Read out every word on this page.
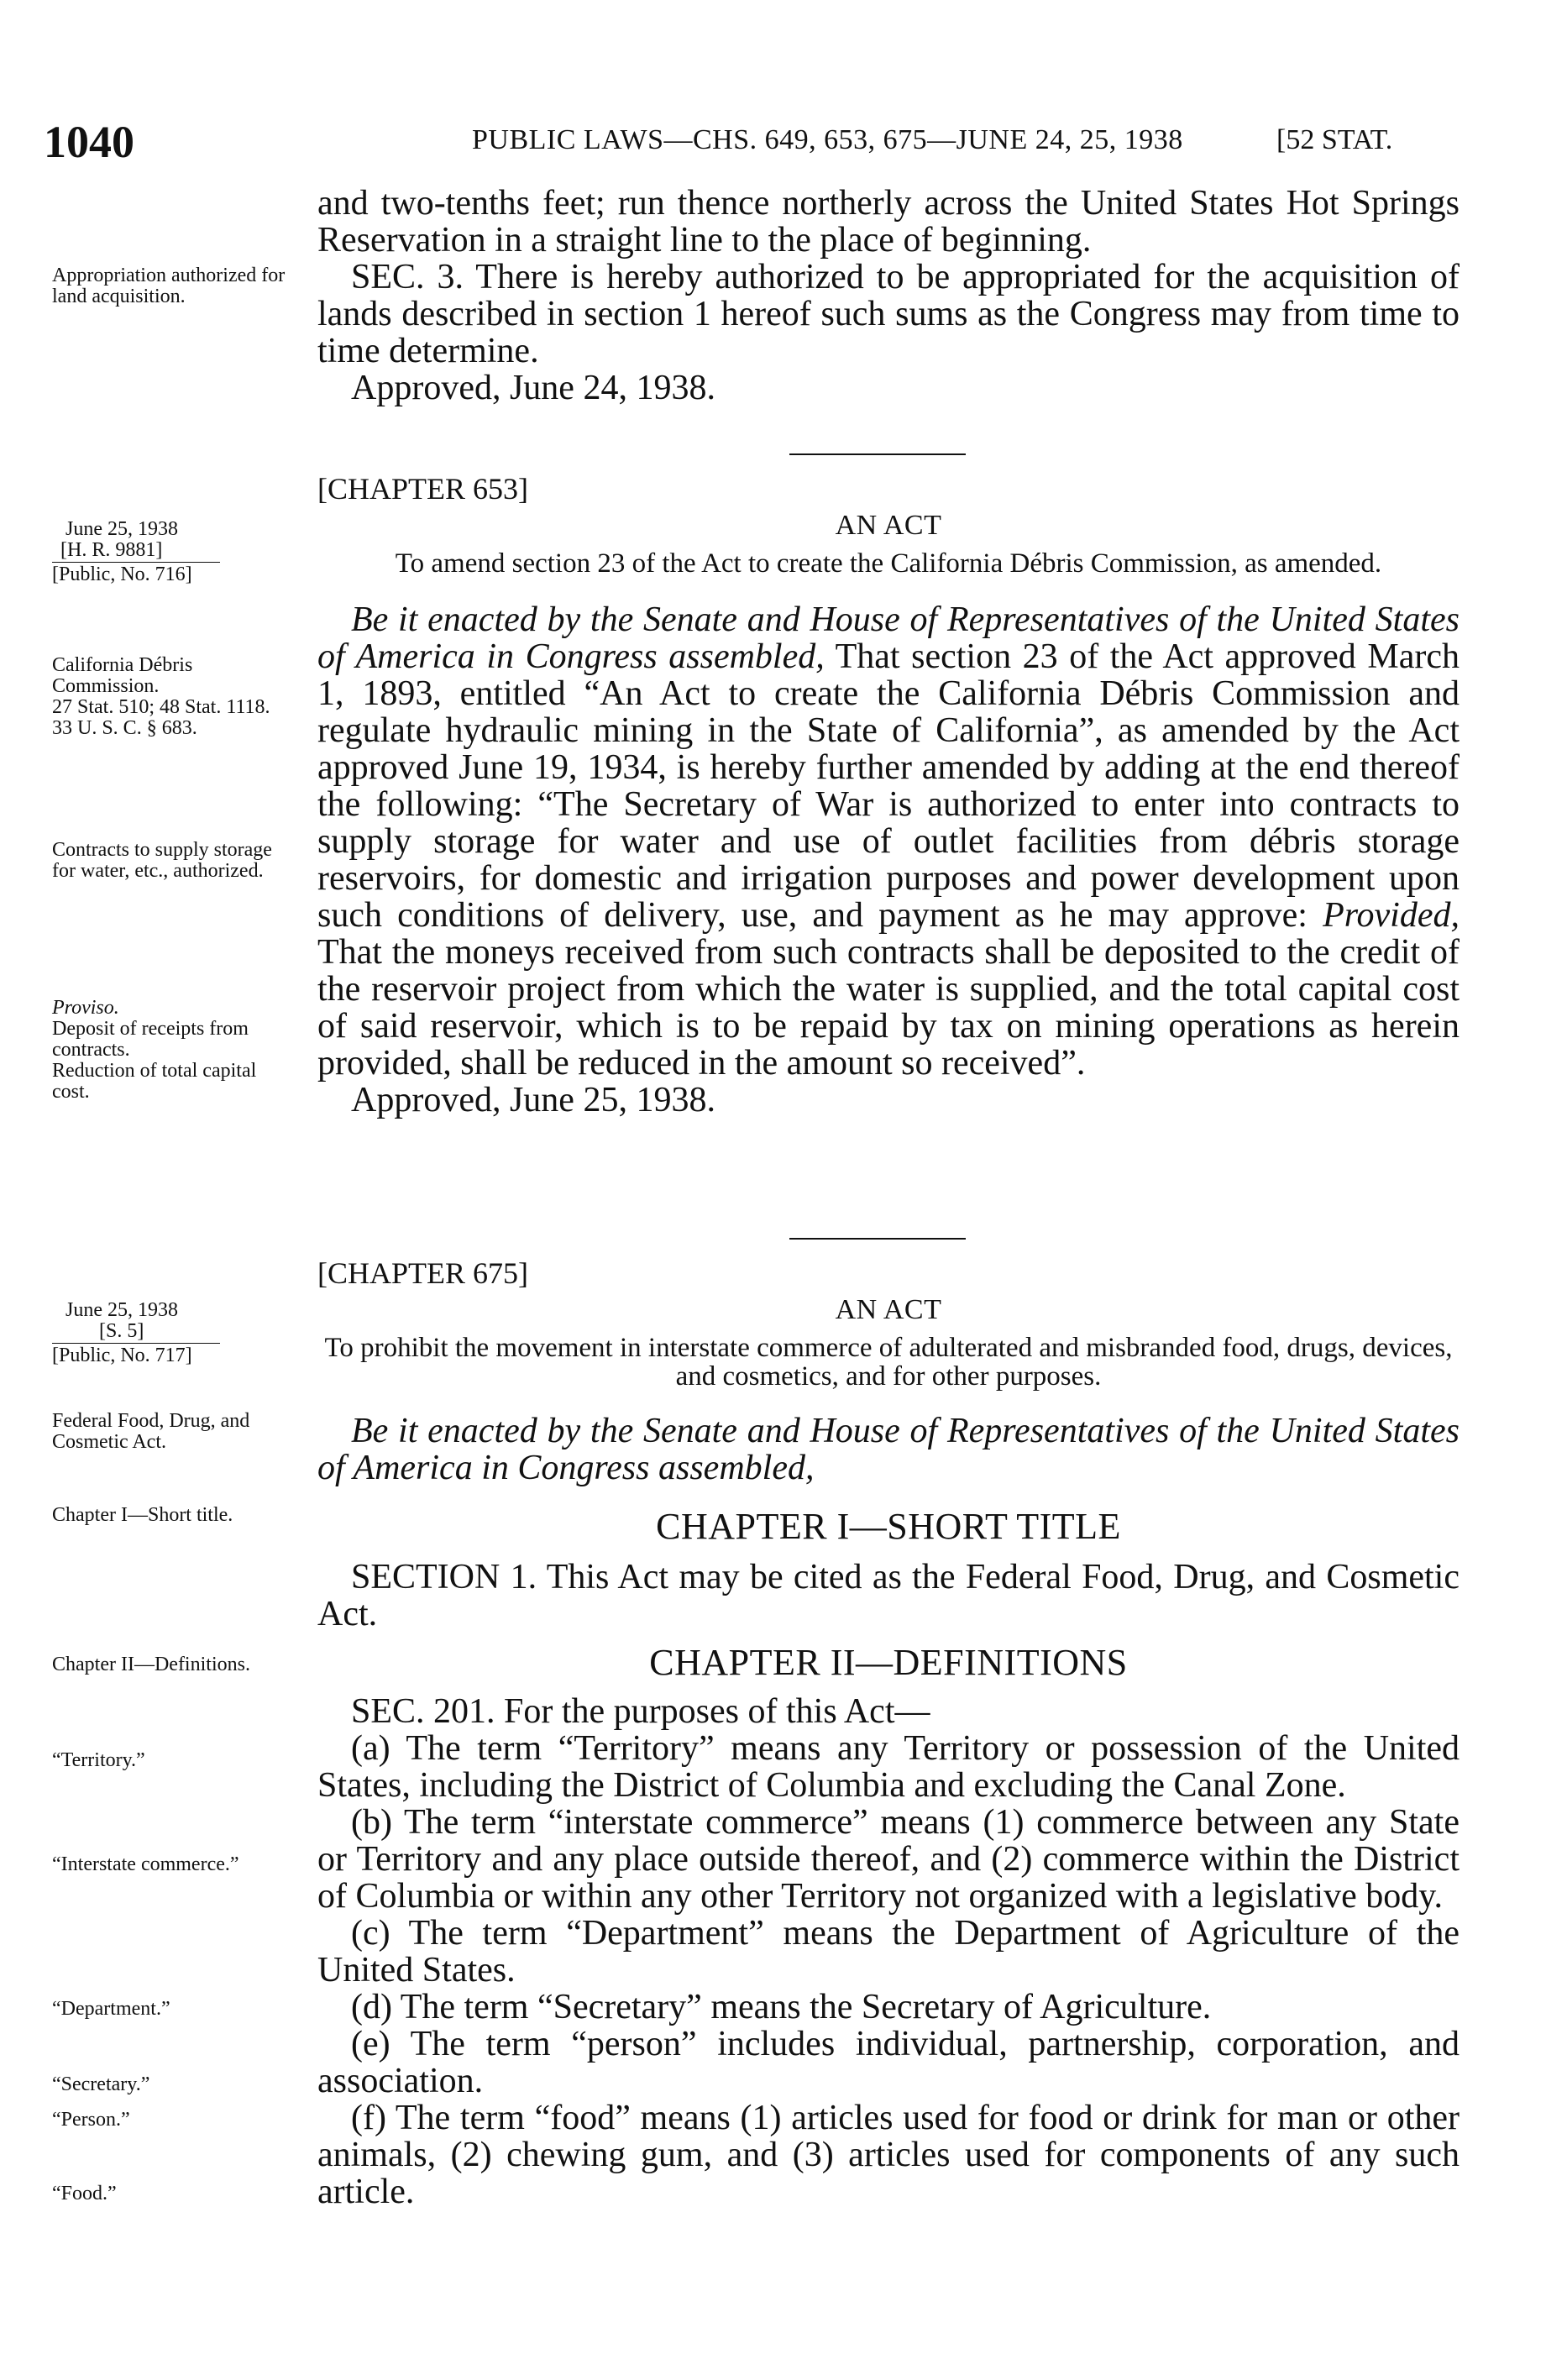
1040	PUBLIC LAWS—CHS. 649, 653, 675—JUNE 24, 25, 1938	[52 STAT.

and two-tenths feet; run thence northerly across the United States Hot Springs Reservation in a straight line to the place of beginning.

SEC. 3. There is hereby authorized to be appropriated for the acquisition of lands described in section 1 hereof such sums as the Congress may from time to time determine.

Approved, June 24, 1938.

Appropriation authorized for land acquisition.

[CHAPTER 653]

AN ACT

To amend section 23 of the Act to create the California Débris Commission, as amended.

Be it enacted by the Senate and House of Representatives of the United States of America in Congress assembled, That section 23 of the Act approved March 1, 1893, entitled “An Act to create the California Débris Commission and regulate hydraulic mining in the State of California”, as amended by the Act approved June 19, 1934, is hereby further amended by adding at the end thereof the following: “The Secretary of War is authorized to enter into contracts to supply storage for water and use of outlet facilities from débris storage reservoirs, for domestic and irrigation purposes and power development upon such conditions of delivery, use, and payment as he may approve: Provided, That the moneys received from such contracts shall be deposited to the credit of the reservoir project from which the water is supplied, and the total capital cost of said reservoir, which is to be repaid by tax on mining operations as herein provided, shall be reduced in the amount so received”.

Approved, June 25, 1938.

June 25, 1938
[H. R. 9881]
[Public, No. 716]
California Débris Commission.
27 Stat. 510; 48 Stat. 1118.
33 U. S. C. § 683.
Contracts to supply storage for water, etc., authorized.
Proviso.
Deposit of receipts from contracts.
Reduction of total capital cost.

[CHAPTER 675]

AN ACT

To prohibit the movement in interstate commerce of adulterated and misbranded food, drugs, devices, and cosmetics, and for other purposes.

Be it enacted by the Senate and House of Representatives of the United States of America in Congress assembled,

CHAPTER I—SHORT TITLE

SECTION 1. This Act may be cited as the Federal Food, Drug, and Cosmetic Act.

CHAPTER II—DEFINITIONS

SEC. 201. For the purposes of this Act—

(a) The term “Territory” means any Territory or possession of the United States, including the District of Columbia and excluding the Canal Zone.

(b) The term “interstate commerce” means (1) commerce between any State or Territory and any place outside thereof, and (2) commerce within the District of Columbia or within any other Territory not organized with a legislative body.

(c) The term “Department” means the Department of Agriculture of the United States.

(d) The term “Secretary” means the Secretary of Agriculture.

(e) The term “person” includes individual, partnership, corporation, and association.

(f) The term “food” means (1) articles used for food or drink for man or other animals, (2) chewing gum, and (3) articles used for components of any such article.

June 25, 1938
[S. 5]
[Public, No. 717]
Federal Food, Drug, and Cosmetic Act.
Chapter I—Short title.
Chapter II—Definitions.
“Territory.”
“Interstate commerce.”
“Department.”
“Secretary.”
“Person.”
“Food.”
